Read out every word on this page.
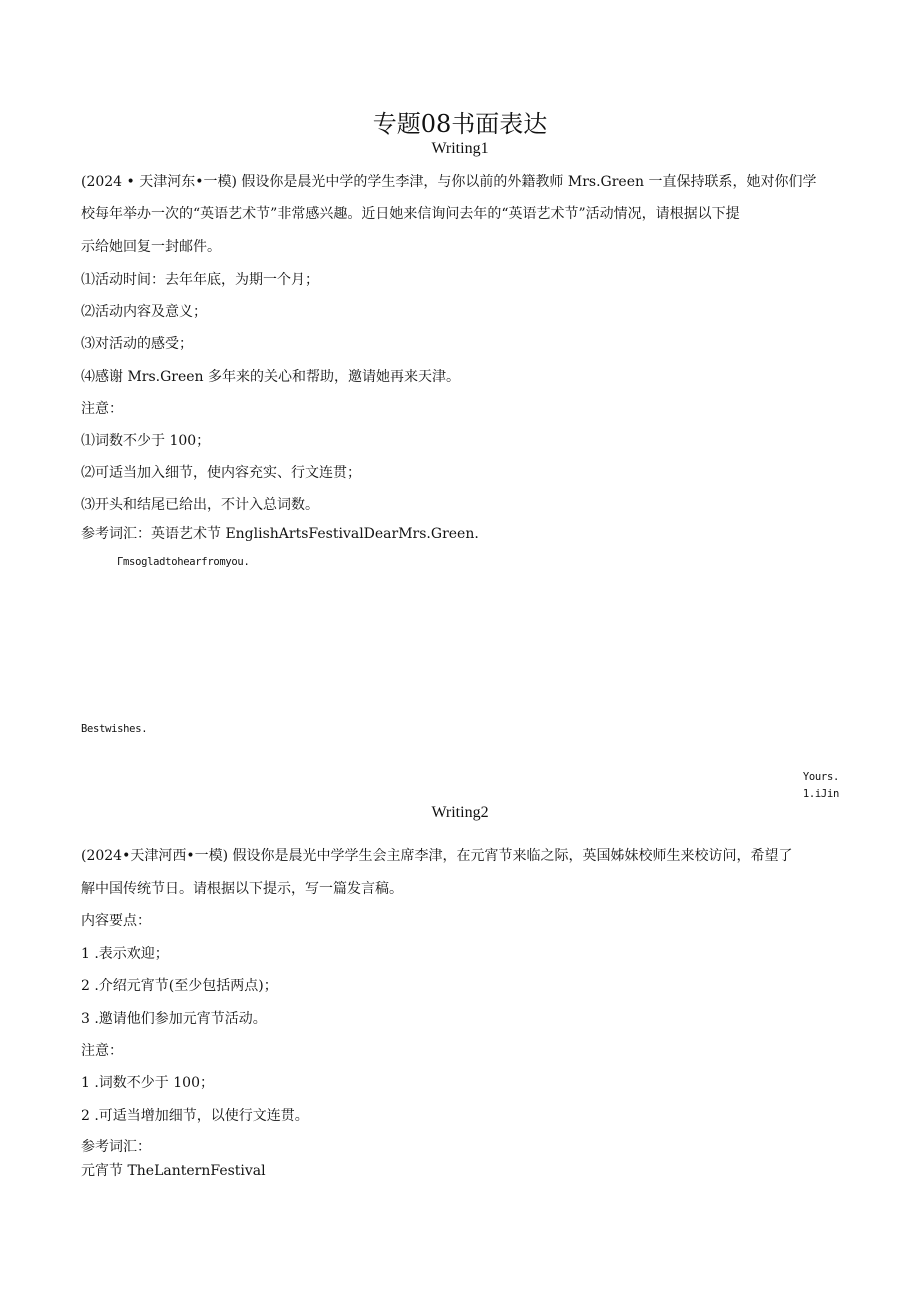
专题08书面表达
Writing1
(2024 • 天津河东•一模) 假设你是晨光中学的学生李津，与你以前的外籍教师 Mrs.Green 一直保持联系，她对你们学
校每年举办一次的“英语艺术节”非常感兴趣。近日她来信询问去年的“英语艺术节”活动情况，请根据以下提
示给她回复一封邮件。
⑴活动时间：去年年底，为期一个月；
⑵活动内容及意义；
⑶对活动的感受；
⑷感谢 Mrs.Green 多年来的关心和帮助，邀请她再来天津。
注意：
⑴词数不少于 100；
⑵可适当加入细节，使内容充实、行文连贯；
⑶开头和结尾已给出，不计入总词数。
参考词汇：英语艺术节 EnglishArtsFestivalDearMrs.Green.
Γmsogladtohearfromyou.
Bestwishes.
Yours.
1.iJin
Writing2
(2024•天津河西•一模) 假设你是晨光中学学生会主席李津，在元宵节来临之际，英国姊妹校师生来校访问，希望了
解中国传统节日。请根据以下提示，写一篇发言稿。
内容要点：
1 .表示欢迎；
2 .介绍元宵节(至少包括两点)；
3 .邀请他们参加元宵节活动。
注意：
1 .词数不少于 100；
2 .可适当增加细节，以使行文连贯。
参考词汇：
元宵节 TheLanternFestival
